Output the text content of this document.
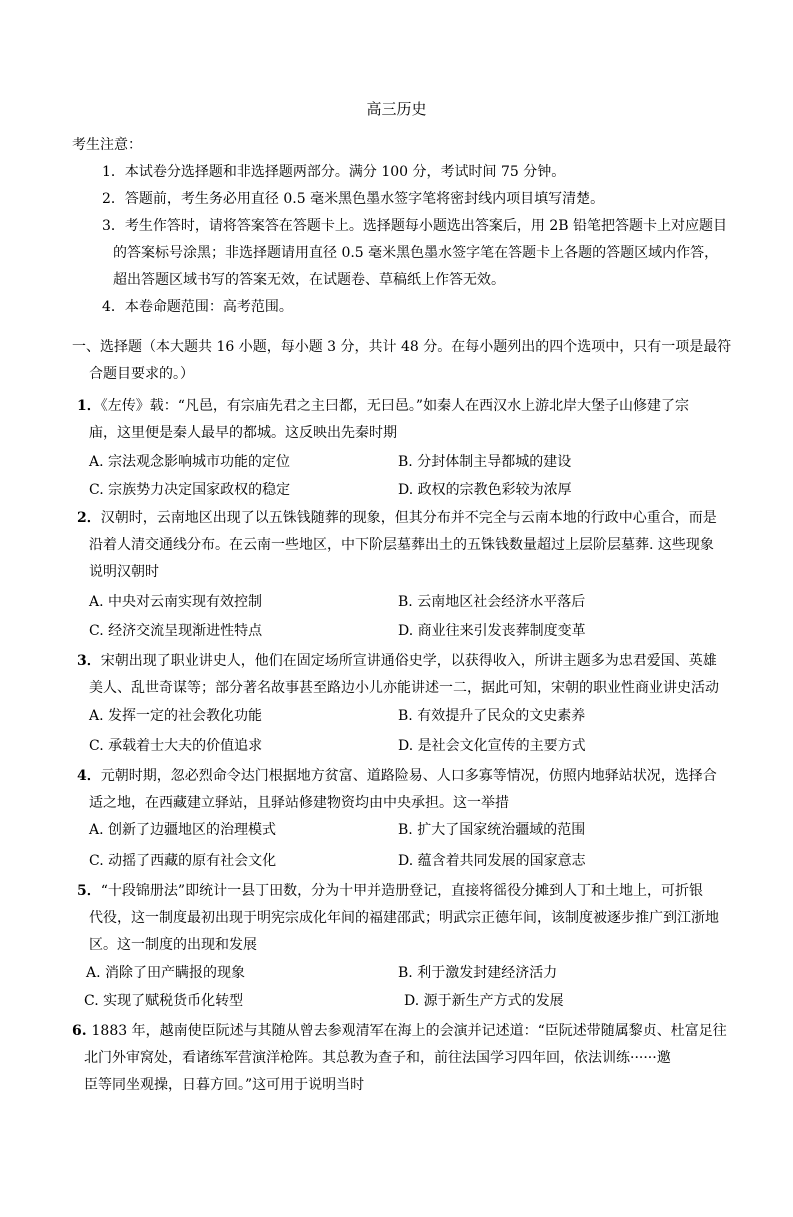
高三历史
考生注意：
1．本试卷分选择题和非选择题两部分。满分 100 分，考试时间 75 分钟。
2．答题前，考生务必用直径 0.5 毫米黑色墨水签字笔将密封线内项目填写清楚。
3．考生作答时，请将答案答在答题卡上。选择题每小题选出答案后，用 2B 铅笔把答题卡上对应题目
的答案标号涂黑；非选择题请用直径 0.5 毫米黑色墨水签字笔在答题卡上各题的答题区域内作答，
超出答题区域书写的答案无效，在试题卷、草稿纸上作答无效。
4．本卷命题范围：高考范围。
一、选择题（本大题共 16 小题，每小题 3 分，共计 48 分。在每小题列出的四个选项中，只有一项是最符
合题目要求的。）
1．《左传》载：“凡邑，有宗庙先君之主曰都，无曰邑。”如秦人在西汉水上游北岸大堡子山修建了宗
庙，这里便是秦人最早的都城。这反映出先秦时期
A. 宗法观念影响城市功能的定位	B. 分封体制主导都城的建设
C. 宗族势力决定国家政权的稳定	D. 政权的宗教色彩较为浓厚
2．汉朝时，云南地区出现了以五铢钱随葬的现象，但其分布并不完全与云南本地的行政中心重合，而是
沿着人清交通线分布。在云南一些地区，中下阶层墓葬出土的五铢钱数量超过上层阶层墓葬. 这些现象
说明汉朝时
A. 中央对云南实现有效控制	B. 云南地区社会经济水平落后
C. 经济交流呈现渐进性特点	D. 商业往来引发丧葬制度变革
3．宋朝出现了职业讲史人，他们在固定场所宣讲通俗史学，以获得收入，所讲主题多为忠君爱国、英雄
美人、乱世奇谋等；部分著名故事甚至路边小儿亦能讲述一二，据此可知，宋朝的职业性商业讲史活动
A. 发挥一定的社会教化功能	B. 有效提升了民众的文史素养
C. 承载着士大夫的价值追求	D. 是社会文化宣传的主要方式
4．元朝时期，忽必烈命令达门根据地方贫富、道路险易、人口多寡等情况，仿照内地驿站状况，选择合
适之地，在西藏建立驿站，且驿站修建物资均由中央承担。这一举措
A. 创新了边疆地区的治理模式	B. 扩大了国家统治疆域的范围
C. 动摇了西藏的原有社会文化	D. 蕴含着共同发展的国家意志
5．“十段锦册法”即统计一县丁田数，分为十甲并造册登记，直接将徭役分摊到人丁和土地上，可折银
代役，这一制度最初出现于明宪宗成化年间的福建邵武；明武宗正德年间，该制度被逐步推广到江浙地
区。这一制度的出现和发展
A. 消除了田产瞒报的现象	B. 利于激发封建经济活力
C. 实现了赋税货币化转型	D. 源于新生产方式的发展
6. 1883 年，越南使臣阮述与其随从曾去参观清军在海上的会演并记述道：“臣阮述带随属黎贞、杜富足往
北门外审窝处，看诸练军营演洋枪阵。其总教为查子和，前往法国学习四年回，依法训练······邀
臣等同坐观操，日暮方回。”这可用于说明当时
